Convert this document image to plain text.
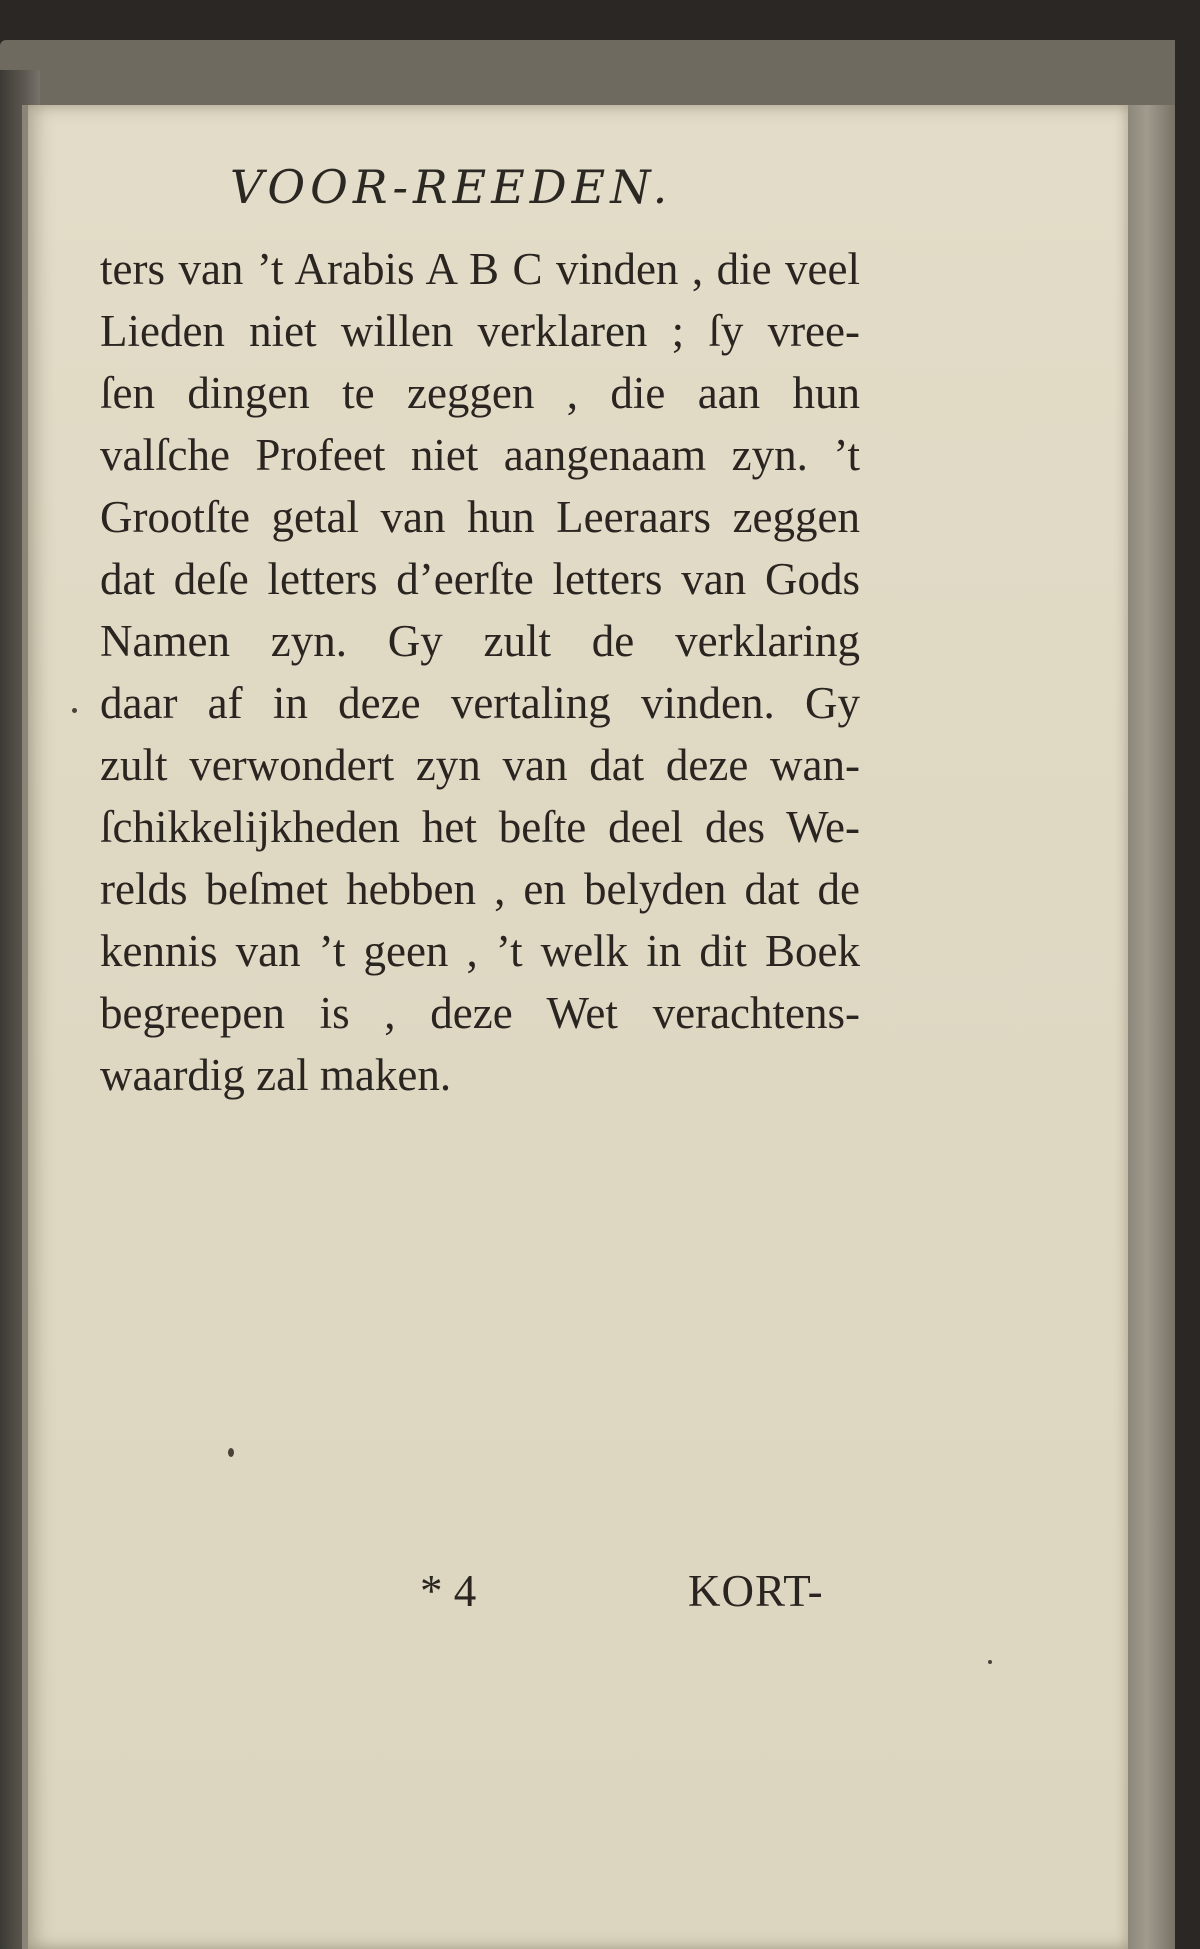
VOOR-REEDEN.
ters van ’t Arabis A B C vinden , die veel
Lieden niet willen verklaren ; ſy vree-
ſen dingen te zeggen , die aan hun
valſche Profeet niet aangenaam zyn. ’t
Grootſte getal van hun Leeraars zeggen
dat deſe letters d’eerſte letters van Gods
Namen zyn. Gy zult de verklaring
daar af in deze vertaling vinden. Gy
zult verwondert zyn van dat deze wan-
ſchikkelijkheden het beſte deel des We-
relds beſmet hebben , en belyden dat de
kennis van ’t geen , ’t welk in dit Boek
begreepen is , deze Wet verachtens-
waardig zal maken.
* 4	KORT-
